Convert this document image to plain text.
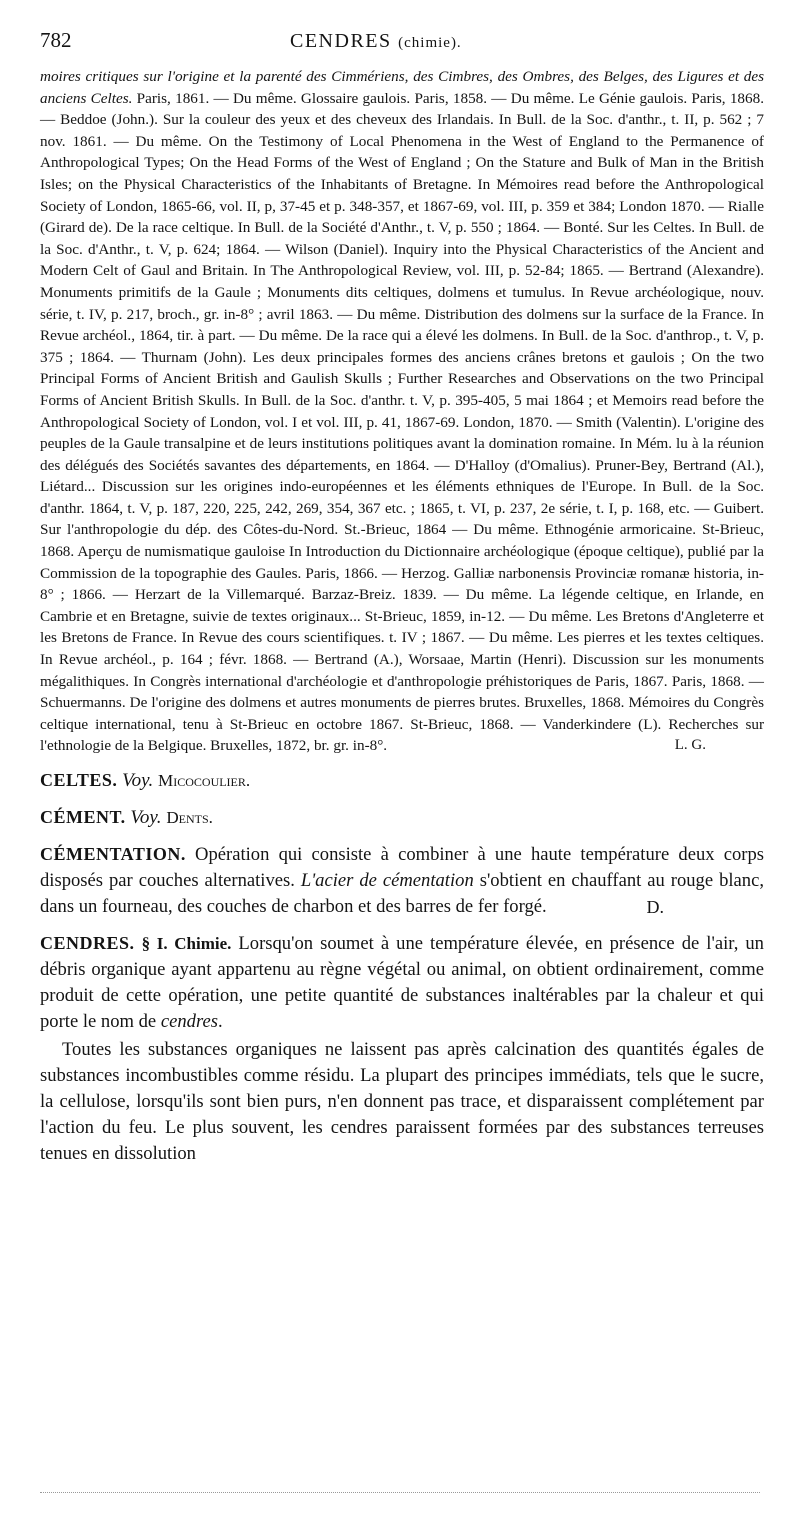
782	CENDRES (chimie).

moires critiques sur l'origine et la parenté des Cimmériens, des Cimbres, des Ombres, des Belges, des Ligures et des anciens Celtes. Paris, 1861. — Du même. Glossaire gaulois. Paris, 1858. — Du même. Le Génie gaulois. Paris, 1868. — Beddoe (John.). Sur la couleur des yeux et des cheveux des Irlandais. In Bull. de la Soc. d'anthr., t. II, p. 562 ; 7 nov. 1861. — Du même. On the Testimony of Local Phenomena in the West of England to the Permanence of Anthropological Types; On the Head Forms of the West of England ; On the Stature and Bulk of Man in the British Isles; on the Physical Characteristics of the Inhabitants of Bretagne. In Mémoires read before the Anthropological Society of London, 1865-66, vol. II, p, 37-45 et p. 348-357, et 1867-69, vol. III, p. 359 et 384; London 1870. — Rialle (Girard de). De la race celtique. In Bull. de la Société d'Anthr., t. V, p. 550 ; 1864. — Bonté. Sur les Celtes. In Bull. de la Soc. d'Anthr., t. V, p. 624; 1864. — Wilson (Daniel). Inquiry into the Physical Characteristics of the Ancient and Modern Celt of Gaul and Britain. In The Anthropological Review, vol. III, p. 52-84; 1865. — Bertrand (Alexandre). Monuments primitifs de la Gaule ; Monuments dits celtiques, dolmens et tumulus. In Revue archéologique, nouv. série, t. IV, p. 217, broch., gr. in-8° ; avril 1863. — Du même. Distribution des dolmens sur la surface de la France. In Revue archéol., 1864, tir. à part. — Du même. De la race qui a élevé les dolmens. In Bull. de la Soc. d'anthrop., t. V, p. 375 ; 1864. — Thurnam (John). Les deux principales formes des anciens crânes bretons et gaulois ; On the two Principal Forms of Ancient British and Gaulish Skulls ; Further Researches and Observations on the two Principal Forms of Ancient British Skulls. In Bull. de la Soc. d'anthr. t. V, p. 395-405, 5 mai 1864 ; et Memoirs read before the Anthropological Society of London, vol. I et vol. III, p. 41, 1867-69. London, 1870. — Smith (Valentin). L'origine des peuples de la Gaule transalpine et de leurs institutions politiques avant la domination romaine. In Mém. lu à la réunion des délégués des Sociétés savantes des départements, en 1864. — D'Halloy (d'Omalius). Pruner-Bey, Bertrand (Al.), Liétard... Discussion sur les origines indo-européennes et les éléments ethniques de l'Europe. In Bull. de la Soc. d'anthr. 1864, t. V, p. 187, 220, 225, 242, 269, 354, 367 etc. ; 1865, t. VI, p. 237, 2e série, t. I, p. 168, etc. — Guibert. Sur l'anthropologie du dép. des Côtes-du-Nord. St.-Brieuc, 1864 — Du même. Ethnogénie armoricaine. St-Brieuc, 1868. Aperçu de numismatique gauloise In Introduction du Dictionnaire archéologique (époque celtique), publié par la Commission de la topographie des Gaules. Paris, 1866. — Herzog. Galliæ narbonensis Provinciæ romanæ historia, in-8° ; 1866. — Herzart de la Villemarqué. Barzaz-Breiz. 1839. — Du même. La légende celtique, en Irlande, en Cambrie et en Bretagne, suivie de textes originaux... St-Brieuc, 1859, in-12. — Du même. Les Bretons d'Angleterre et les Bretons de France. In Revue des cours scientifiques. t. IV ; 1867. — Du même. Les pierres et les textes celtiques. In Revue archéol., p. 164 ; févr. 1868. — Bertrand (A.), Worsaae, Martin (Henri). Discussion sur les monuments mégalithiques. In Congrès international d'archéologie et d'anthropologie préhistoriques de Paris, 1867. Paris, 1868. — Schuermanns. De l'origine des dolmens et autres monuments de pierres brutes. Bruxelles, 1868. Mémoires du Congrès celtique international, tenu à St-Brieuc en octobre 1867. St-Brieuc, 1868. — Vanderkindere (L). Recherches sur l'ethnologie de la Belgique. Bruxelles, 1872, br. gr. in-8°.	L. G.

CELTES. Voy. Micocoulier.
CÉMENT. Voy. Dents.

CÉMENTATION. Opération qui consiste à combiner à une haute température deux corps disposés par couches alternatives. L'acier de cémentation s'obtient en chauffant au rouge blanc, dans un fourneau, des couches de charbon et des barres de fer forgé.	D.

CENDRES. § I. Chimie. Lorsqu'on soumet à une température élevée, en présence de l'air, un débris organique ayant appartenu au règne végétal ou animal, on obtient ordinairement, comme produit de cette opération, une petite quantité de substances inaltérables par la chaleur et qui porte le nom de cendres.

Toutes les substances organiques ne laissent pas après calcination des quantités égales de substances incombustibles comme résidu. La plupart des principes immédiats, tels que le sucre, la cellulose, lorsqu'ils sont bien purs, n'en donnent pas trace, et disparaissent complétement par l'action du feu. Le plus souvent, les cendres paraissent formées par des substances terreuses tenues en dissolution
